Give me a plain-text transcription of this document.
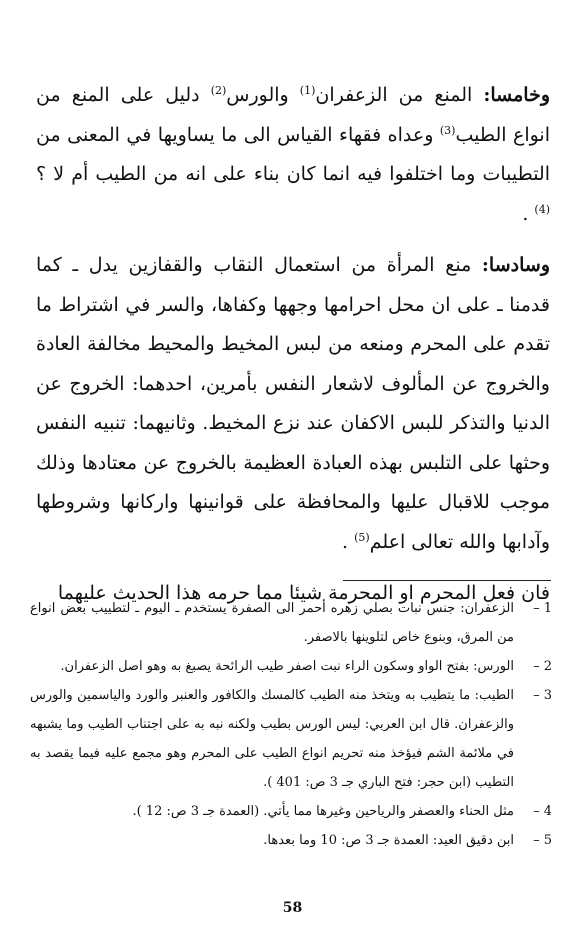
وخامسا: المنع من الزعفران$^{(1)}$ والورس$^{(2)}$ دليل على المنع من انواع الطيب$^{(3)}$ وعداه فقهاء القياس الى ما يساويها في المعنى من التطيبات وما اختلفوا فيه انما كان بناء على انه من الطيب أم لا ؟$^{(4)}$ .

وسادسا: منع المرأة من استعمال النقاب والقفازين يدل ـ كما قدمنا ـ على ان محل احرامها وجهها وكفاها، والسر في اشتراط ما تقدم على المحرم ومنعه من لبس المخيط والمحيط مخالفة العادة والخروج عن المألوف لاشعار النفس بأمرين، احدهما: الخروج عن الدنيا والتذكر للبس الاكفان عند نزع المخيط. وثانيهما: تنبيه النفس وحثها على التلبس بهذه العبادة العظيمة بالخروج عن معتادها وذلك موجب للاقبال عليها والمحافظة على قوانينها واركانها وشروطها وآدابها والله تعالى اعلم$^{(5)}$ .

فان فعل المحرم او المحرمة شيئا مما حرمه هذا الحديث عليهما

1 –
الزعفران: جنس نبات بصلي زهره أحمر الى الصفرة يستخدم ـ اليوم ـ لتطييب بعض انواع من المرق، وبنوع خاص لتلوينها بالاصفر.
2 –
الورس: بفتح الواو وسكون الراء نبت اصفر طيب الرائحة يصبغ به وهو اصل الزعفران.
3 –
الطيب: ما يتطيب به ويتخذ منه الطيب كالمسك والكافور والعنبر والورد والياسمين والورس والزعفران. قال ابن العربي: ليس الورس بطيب ولكنه نبه به على اجتناب الطيب وما يشبهه في ملائمة الشم فيؤخذ منه تحريم انواع الطيب على المحرم وهو مجمع عليه فيما يقصد به التطيب (ابن حجر: فتح الباري جـ 3 ص: 401 ).
4 –
مثل الحناء والعصفر والرياحين وغيرها مما يأتي. (العمدة جـ 3 ص: 12 ).
5 –
ابن دقيق العيد: العمدة جـ 3 ص: 10 وما بعدها.
58
